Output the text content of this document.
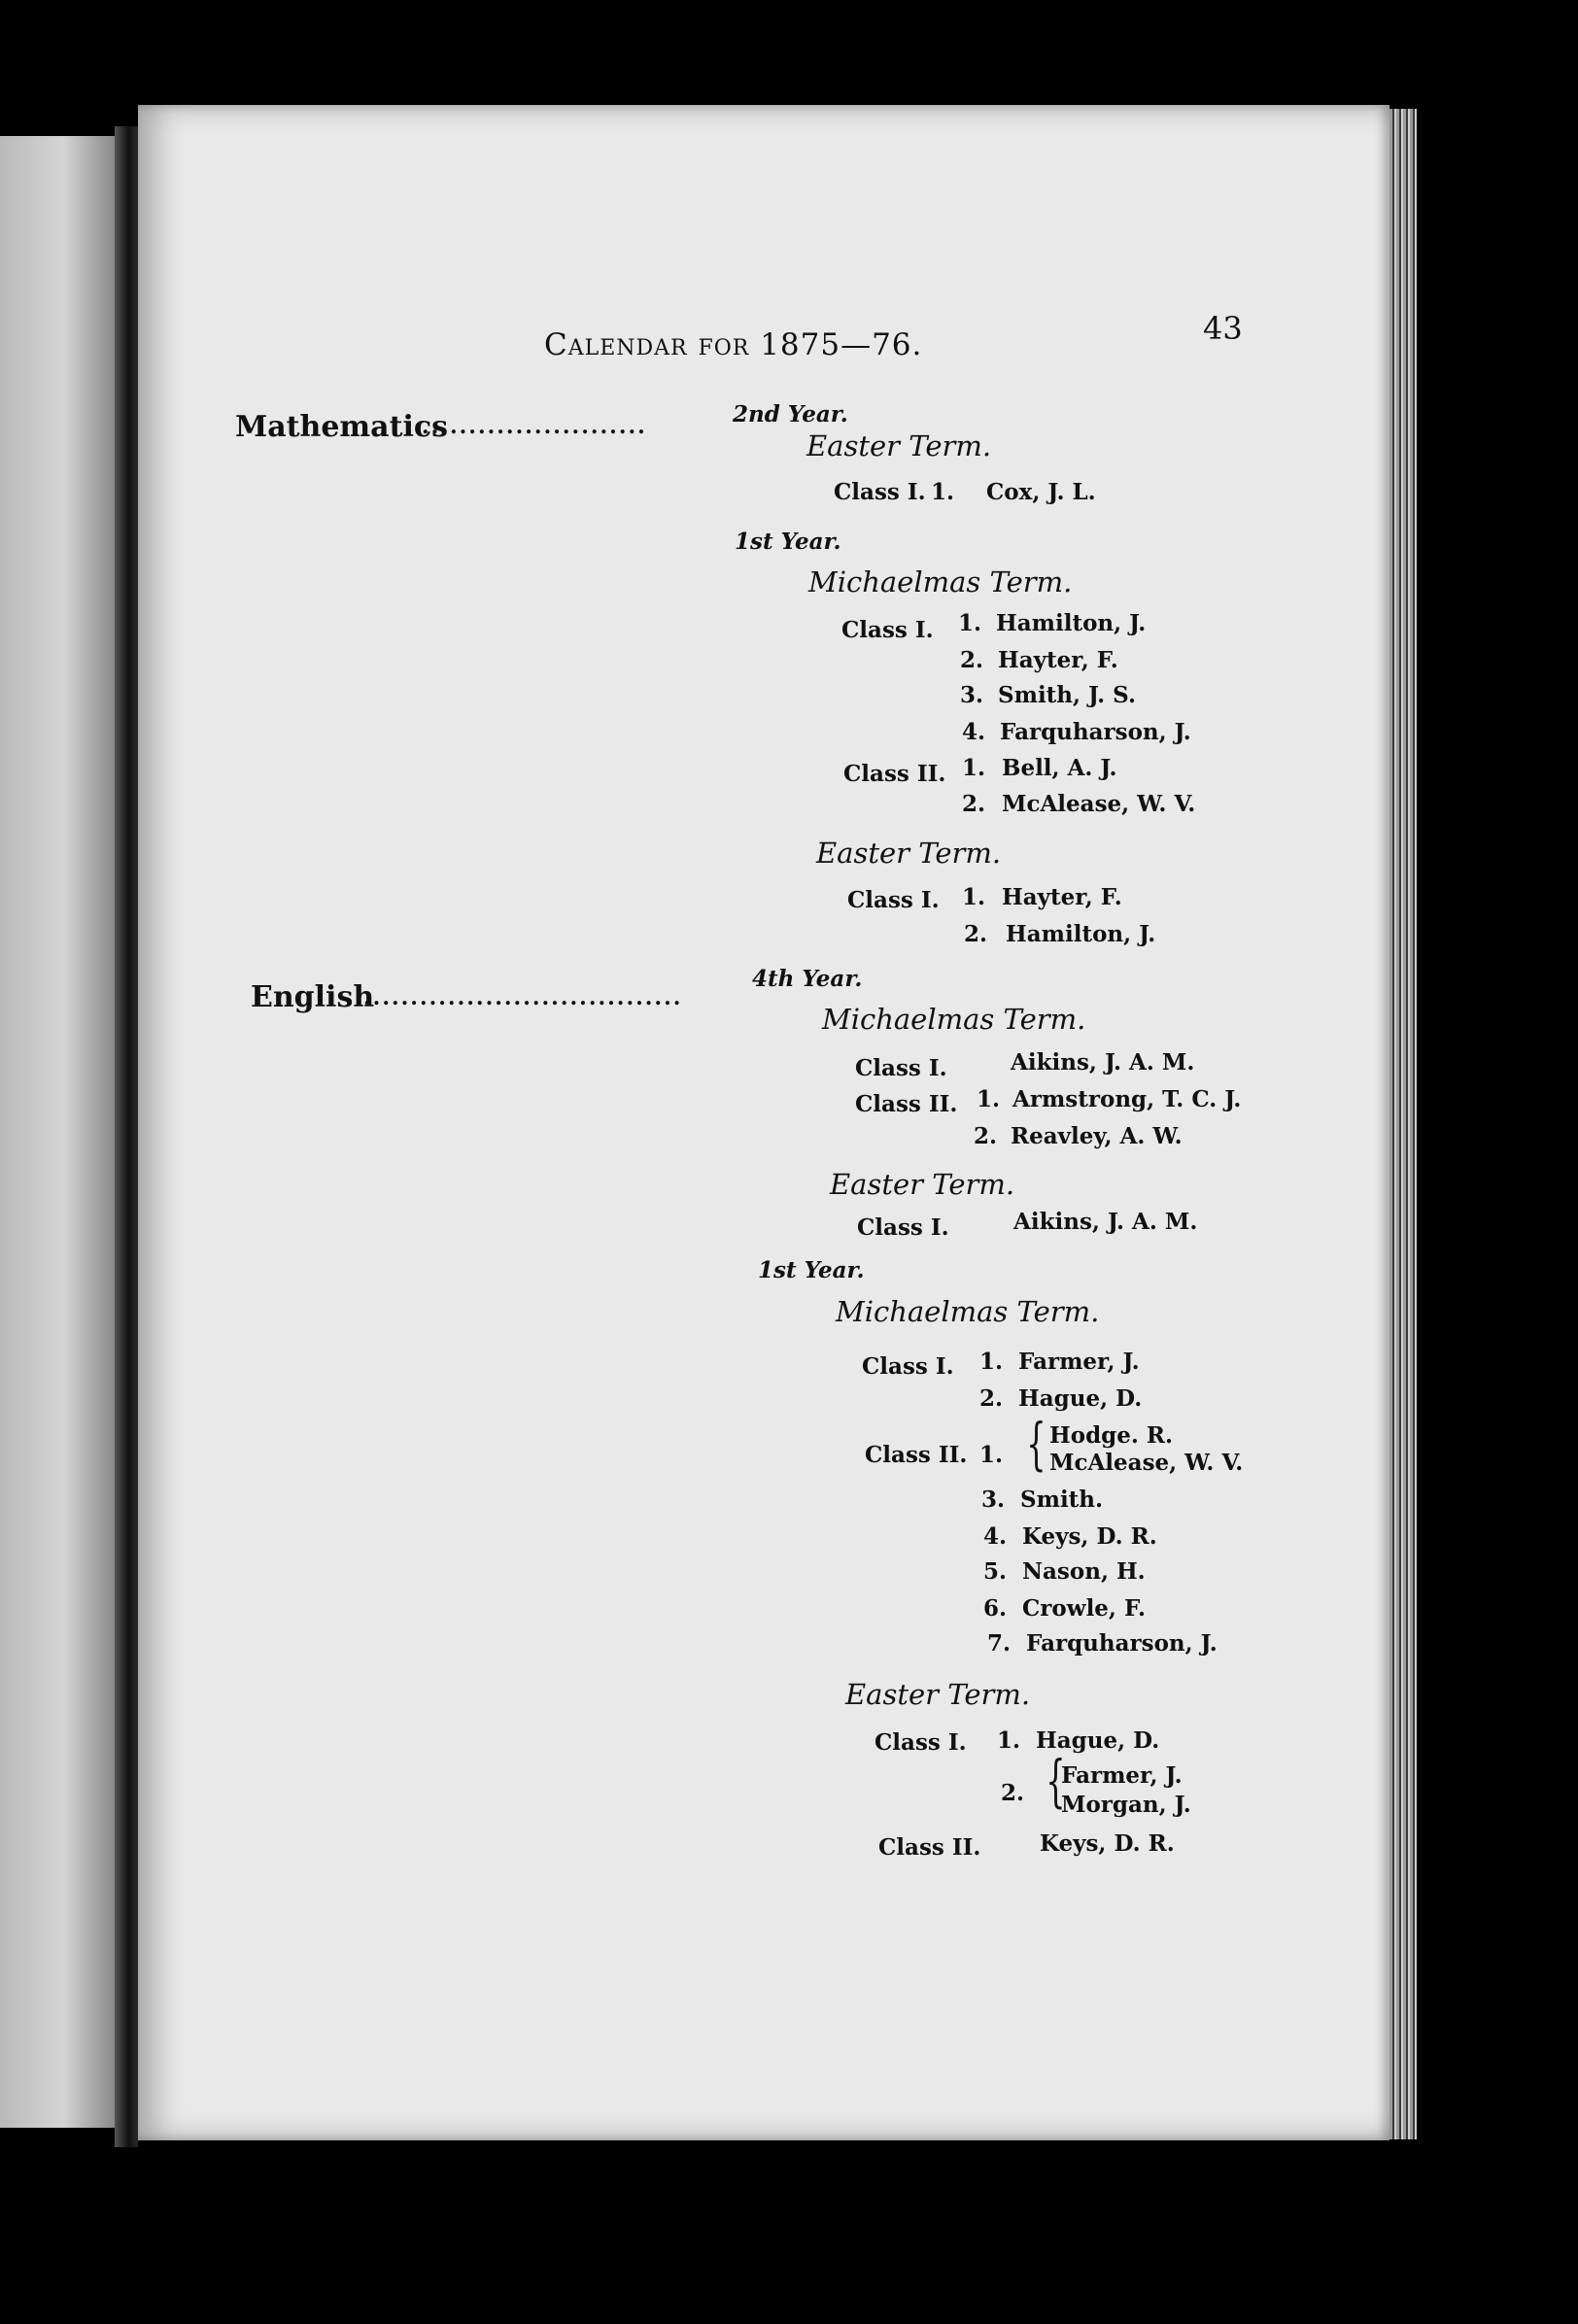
Calendar for 1875—76.	43
Mathematics
........................	2nd Year.
Easter Term.
Class I. 1. Cox, J. L.
1st Year.
Michaelmas Term.
Class I. 1. Hamilton, J.
2. Hayter, F.
3. Smith, J. S.
4. Farquharson, J.
Class II. 1. Bell, A. J.
2. McAlease, W. V.
Easter Term.
Class I. 1. Hayter, F.
2. Hamilton, J.
English
..................................
4th Year.
Michaelmas Term.
Class I.	Aikins, J. A. M.
Class II. 1. Armstrong, T. C. J.
2. Reavley, A. W.
Easter Term.
Class I.	Aikins, J. A. M.
1st Year.
Michaelmas Term.
Class I. 1. Farmer, J.
2. Hague, D.
Class II. 1. { Hodge. R.
McAlease, W. V.
3. Smith.
4. Keys, D. R.
5. Nason, H.
6. Crowle, F.
7. Farquharson, J.
Easter Term.
Class I. 1. Hague, D.
2. {
Farmer, J.
Morgan, J.
Class II.	Keys, D. R.
